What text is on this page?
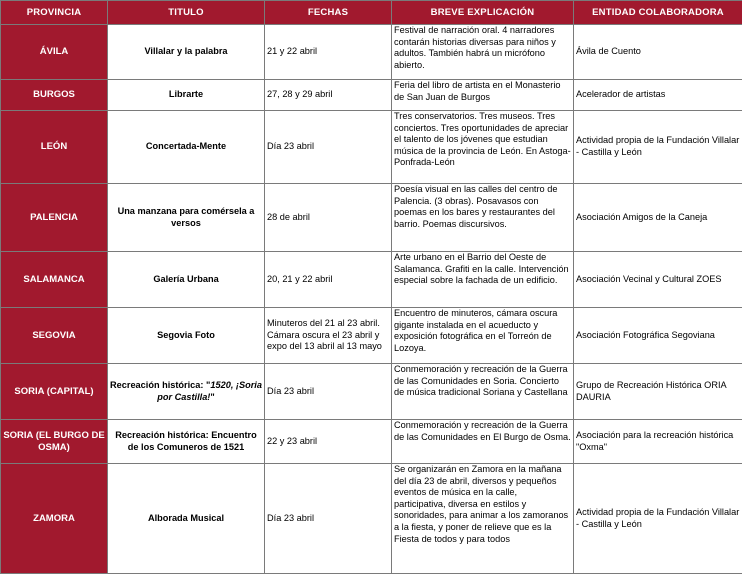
PROVINCIA	TITULO	FECHAS	BREVE EXPLICACIÓN	ENTIDAD COLABORADORA
ÁVILA	Villalar y la palabra	21 y 22 abril	Festival de narración oral. 4 narradores contarán historias diversas para niños y adultos. También habrá un micrófono abierto.	Ávila de Cuento
BURGOS	Librarte	27, 28 y 29 abril	Feria del libro de artista en el Monasterio de San Juan de Burgos	Acelerador de artistas
LEÓN	Concertada-Mente	Día 23 abril	Tres conservatorios. Tres museos. Tres conciertos. Tres oportunidades de apreciar el talento de los jóvenes que estudian música de la provincia de León. En Astoga-Ponfrada-León	Actividad propia de la Fundación Villalar - Castilla y León
PALENCIA	Una manzana para comérsela a versos	28 de abril	Poesía visual en las calles del centro de Palencia. (3 obras). Posavasos con poemas en los bares y restaurantes del barrio. Poemas discursivos.	Asociación Amigos de la Caneja
SALAMANCA	Galería Urbana	20, 21 y 22 abril	Arte urbano en el Barrio del Oeste de Salamanca. Grafiti en la calle. Intervención especial sobre la fachada de un edificio.	Asociación Vecinal y Cultural ZOES
SEGOVIA	Segovia Foto	Minuteros del 21 al 23 abril. Cámara oscura el 23 abril y expo del 13 abril al 13 mayo	Encuentro de minuteros, cámara oscura gigante instalada en el acueducto y exposición fotográfica en el Torreón de Lozoya.	Asociación Fotográfica Segoviana
SORIA (CAPITAL)	Recreación histórica: "1520, ¡Soria por Castilla!"	Día 23 abril	Conmemoración y recreación de la Guerra de las Comunidades en Soria. Concierto de música tradicional Soriana y Castellana	Grupo de Recreación Histórica ORIA DAURIA
SORIA (EL BURGO DE OSMA)	Recreación histórica: Encuentro de los Comuneros de 1521	22 y 23 abril	Conmemoración y recreación de la Guerra de las Comunidades en El Burgo de Osma.	Asociación para la recreación histórica "Oxma"
ZAMORA	Alborada Musical	Día 23 abril	Se organizarán en Zamora en la mañana del día 23 de abril, diversos y pequeños eventos de música en la calle, participativa, diversa en estilos y sonoridades, para animar a los zamoranos a la fiesta, y poner de relieve que es la Fiesta de todos y para todos	Actividad propia de la Fundación Villalar - Castilla y León
